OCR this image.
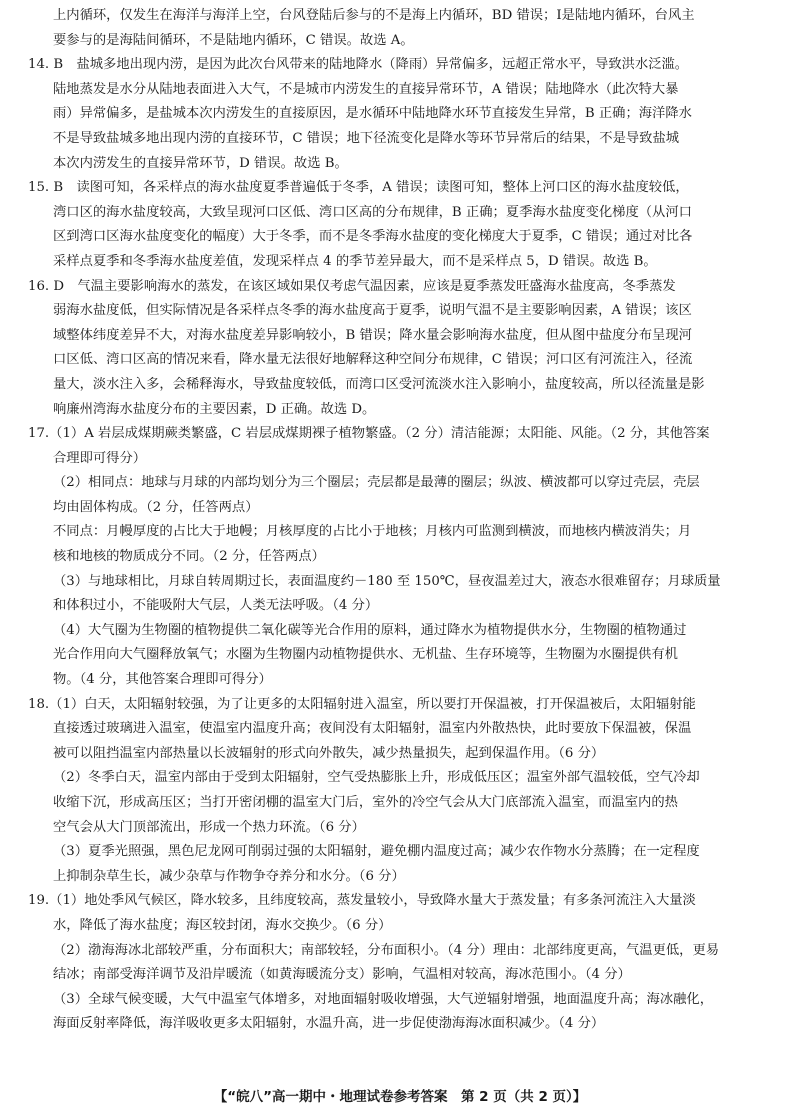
上内循环，仅发生在海洋与海洋上空，台风登陆后参与的不是海上内循环，BD 错误；Ⅰ是陆地内循环，台风主

要参与的是海陆间循环，不是陆地内循环，C 错误。故选 A。

14. B　盐城多地出现内涝，是因为此次台风带来的陆地降水（降雨）异常偏多，远超正常水平，导致洪水泛滥。

陆地蒸发是水分从陆地表面进入大气，不是城市内涝发生的直接异常环节，A 错误；陆地降水（此次特大暴

雨）异常偏多，是盐城本次内涝发生的直接原因，是水循环中陆地降水环节直接发生异常，B 正确；海洋降水

不是导致盐城多地出现内涝的直接环节，C 错误；地下径流变化是降水等环节异常后的结果，不是导致盐城

本次内涝发生的直接异常环节，D 错误。故选 B。

15. B　读图可知，各采样点的海水盐度夏季普遍低于冬季，A 错误；读图可知，整体上河口区的海水盐度较低，

湾口区的海水盐度较高，大致呈现河口区低、湾口区高的分布规律，B 正确；夏季海水盐度变化梯度（从河口

区到湾口区海水盐度变化的幅度）大于冬季，而不是冬季海水盐度的变化梯度大于夏季，C 错误；通过对比各

采样点夏季和冬季海水盐度差值，发现采样点 4 的季节差异最大，而不是采样点 5，D 错误。故选 B。

16. D　气温主要影响海水的蒸发，在该区域如果仅考虑气温因素，应该是夏季蒸发旺盛海水盐度高，冬季蒸发

弱海水盐度低，但实际情况是各采样点冬季的海水盐度高于夏季，说明气温不是主要影响因素，A 错误；该区

域整体纬度差异不大，对海水盐度差异影响较小，B 错误；降水量会影响海水盐度，但从图中盐度分布呈现河

口区低、湾口区高的情况来看，降水量无法很好地解释这种空间分布规律，C 错误；河口区有河流注入，径流

量大，淡水注入多，会稀释海水，导致盐度较低，而湾口区受河流淡水注入影响小，盐度较高，所以径流量是影

响廉州湾海水盐度分布的主要因素，D 正确。故选 D。

17.（1）A 岩层成煤期蕨类繁盛，C 岩层成煤期裸子植物繁盛。（2 分）清洁能源；太阳能、风能。（2 分，其他答案

合理即可得分）

（2）相同点：地球与月球的内部均划分为三个圈层；壳层都是最薄的圈层；纵波、横波都可以穿过壳层，壳层

均由固体构成。（2 分，任答两点）

不同点：月幔厚度的占比大于地幔；月核厚度的占比小于地核；月核内可监测到横波，而地核内横波消失；月

核和地核的物质成分不同。（2 分，任答两点）

（3）与地球相比，月球自转周期过长，表面温度约－180 至 150℃，昼夜温差过大，液态水很难留存；月球质量

和体积过小，不能吸附大气层，人类无法呼吸。（4 分）

（4）大气圈为生物圈的植物提供二氧化碳等光合作用的原料，通过降水为植物提供水分，生物圈的植物通过

光合作用向大气圈释放氧气；水圈为生物圈内动植物提供水、无机盐、生存环境等，生物圈为水圈提供有机

物。（4 分，其他答案合理即可得分）

18.（1）白天，太阳辐射较强，为了让更多的太阳辐射进入温室，所以要打开保温被，打开保温被后，太阳辐射能

直接透过玻璃进入温室，使温室内温度升高；夜间没有太阳辐射，温室内外散热快，此时要放下保温被，保温

被可以阻挡温室内部热量以长波辐射的形式向外散失，减少热量损失，起到保温作用。（6 分）

（2）冬季白天，温室内部由于受到太阳辐射，空气受热膨胀上升，形成低压区；温室外部气温较低，空气冷却

收缩下沉，形成高压区；当打开密闭棚的温室大门后，室外的冷空气会从大门底部流入温室，而温室内的热

空气会从大门顶部流出，形成一个热力环流。（6 分）

（3）夏季光照强，黑色尼龙网可削弱过强的太阳辐射，避免棚内温度过高；减少农作物水分蒸腾；在一定程度

上抑制杂草生长，减少杂草与作物争夺养分和水分。（6 分）

19.（1）地处季风气候区，降水较多，且纬度较高，蒸发量较小，导致降水量大于蒸发量；有多条河流注入大量淡

水，降低了海水盐度；海区较封闭，海水交换少。（6 分）

（2）渤海海冰北部较严重，分布面积大；南部较轻，分布面积小。（4 分）理由：北部纬度更高，气温更低，更易

结冰；南部受海洋调节及沿岸暖流（如黄海暖流分支）影响，气温相对较高，海冰范围小。（4 分）

（3）全球气候变暖，大气中温室气体增多，对地面辐射吸收增强，大气逆辐射增强，地面温度升高；海冰融化，

海面反射率降低，海洋吸收更多太阳辐射，水温升高，进一步促使渤海海冰面积减少。（4 分）

【“皖八”高一期中・地理试卷参考答案　第 2 页（共 2 页）】
